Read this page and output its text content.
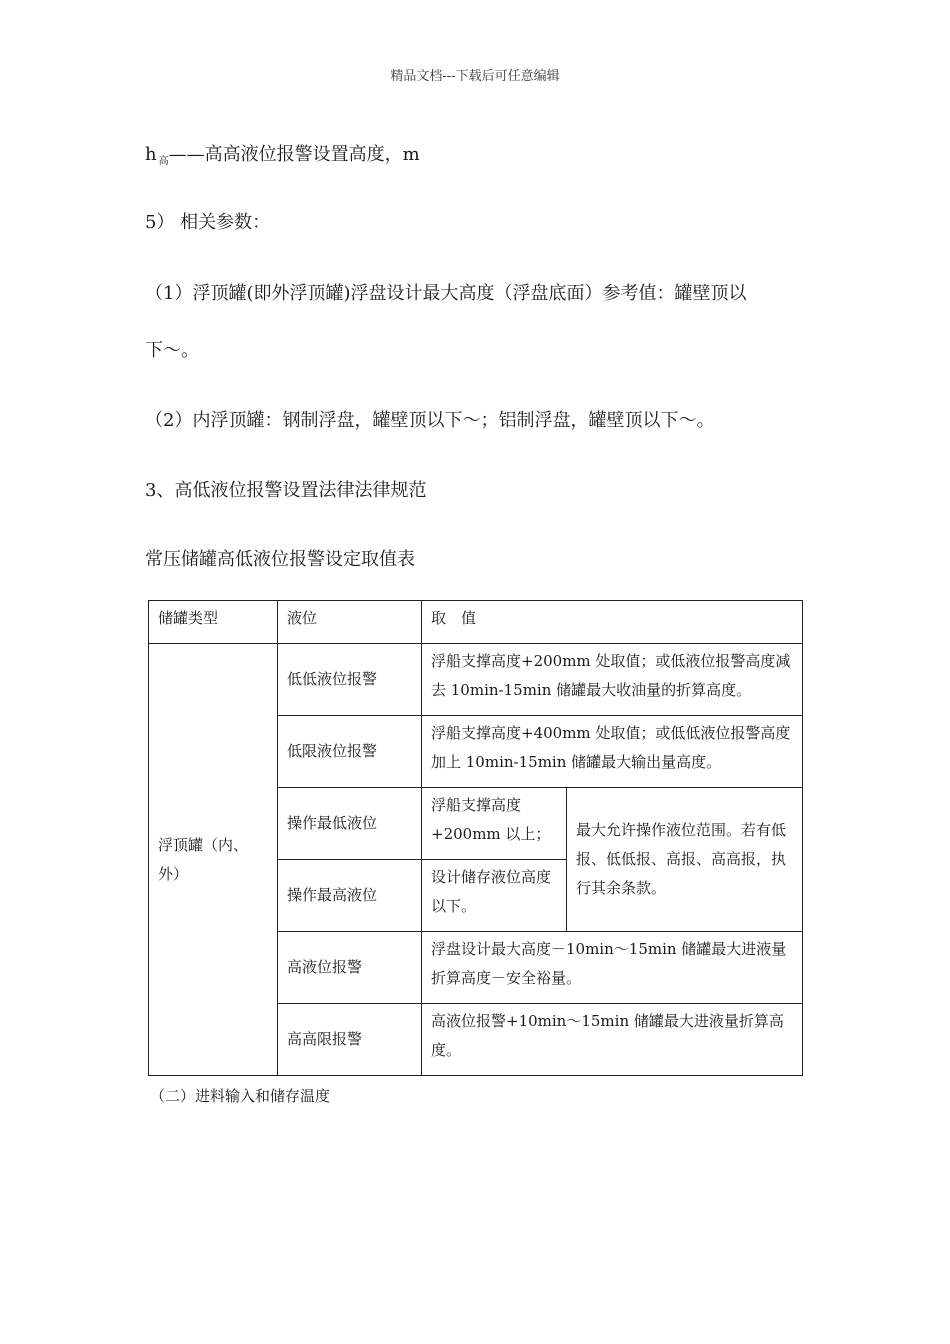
精品文档---下载后可任意编辑
h $_高$——高高液位报警设置高度，m
5） 相关参数：
（1）浮顶罐(即外浮顶罐)浮盘设计最大高度（浮盘底面）参考值：罐壁顶以
下～。
（2）内浮顶罐：钢制浮盘，罐壁顶以下～；铝制浮盘，罐壁顶以下～。
3、高低液位报警设置法律法律规范
常压储罐高低液位报警设定取值表
储罐类型	液位	取　值	
浮顶罐（内、外）	低低液位报警	浮船支撑高度+200mm 处取值；或低液位报警高度减去 10min-15min 储罐最大收油量的折算高度。	
	低限液位报警	浮船支撑高度+400mm 处取值；或低低液位报警高度加上 10min-15min 储罐最大输出量高度。	
	操作最低液位	浮船支撑高度+200mm 以上；	最大允许操作液位范围。若有低报、低低报、高报、高高报，执行其余条款。
	操作最高液位	设计储存液位高度以下。	
	高液位报警	浮盘设计最大高度－10min～15min 储罐最大进液量折算高度－安全裕量。	
	高高限报警	高液位报警+10min～15min 储罐最大进液量折算高度。	
（二）进料输入和储存温度
